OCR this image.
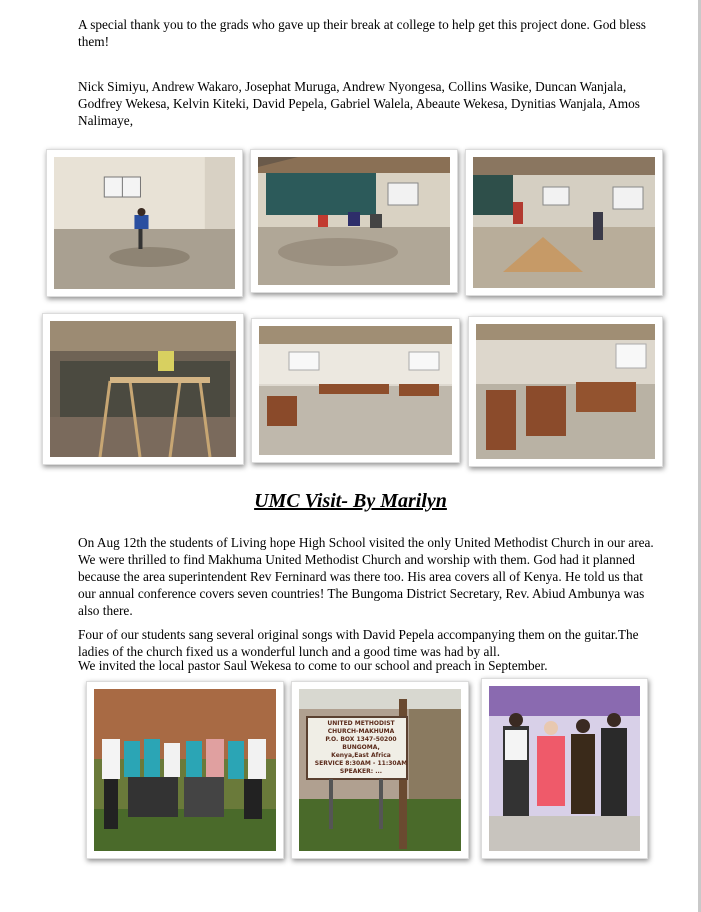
A special thank you to the grads who gave up their break at college to help get this project done. God bless them!

Nick Simiyu, Andrew Wakaro, Josephat Muruga, Andrew Nyongesa, Collins Wasike, Duncan Wanjala, Godfrey Wekesa, Kelvin Kiteki, David Pepela, Gabriel Walela, Abeaute Wekesa, Dynitias Wanjala, Amos Nalimaye,

UMC Visit- By Marilyn

On Aug 12th the students of Living hope High School visited the only United Methodist Church in our area. We were thrilled to find Makhuma United Methodist Church and worship with them. God had it planned because the area superintendent Rev Ferninard was there too. His area covers all of Kenya. He told us that our annual conference covers seven countries! The Bungoma District Secretary, Rev. Abiud Ambunya was also there.

Four of our students sang several original songs with David Pepela accompanying them on the guitar.The ladies of the church fixed us a wonderful lunch and a good time was had by all.

We invited the local pastor Saul Wekesa to come to our school and preach in September.

UNITED METHODIST
CHURCH-MAKHUMA
P.O. BOX 1347-50200
BUNGOMA,
Kenya,East Africa
SERVICE 8:30AM - 11:30AM
SPEAKER: ...
